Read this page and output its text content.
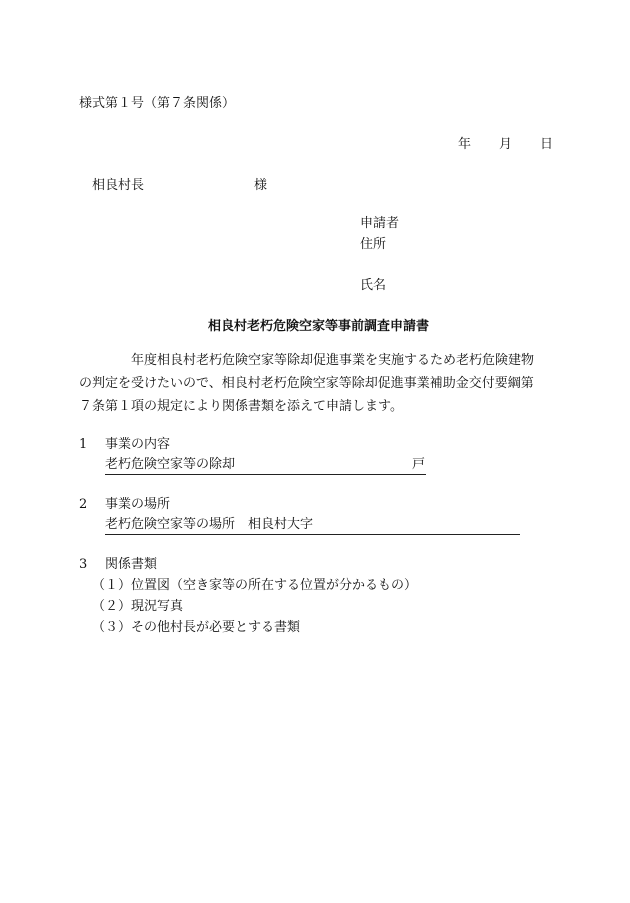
様式第１号（第７条関係）
年 月 日
相良村長	様
申請者
住所
氏名
相良村老朽危険空家等事前調査申請書
年度相良村老朽危険空家等除却促進事業を実施するため老朽危険建物
の判定を受けたいので、相良村老朽危険空家等除却促進事業補助金交付要綱第
７条第１項の規定により関係書類を添えて申請します。
1 事業の内容
老朽危険空家等の除却	戸
2 事業の場所
老朽危険空家等の場所　相良村大字
3 関係書類
（１）位置図（空き家等の所在する位置が分かるもの）
（２）現況写真
（３）その他村長が必要とする書類
